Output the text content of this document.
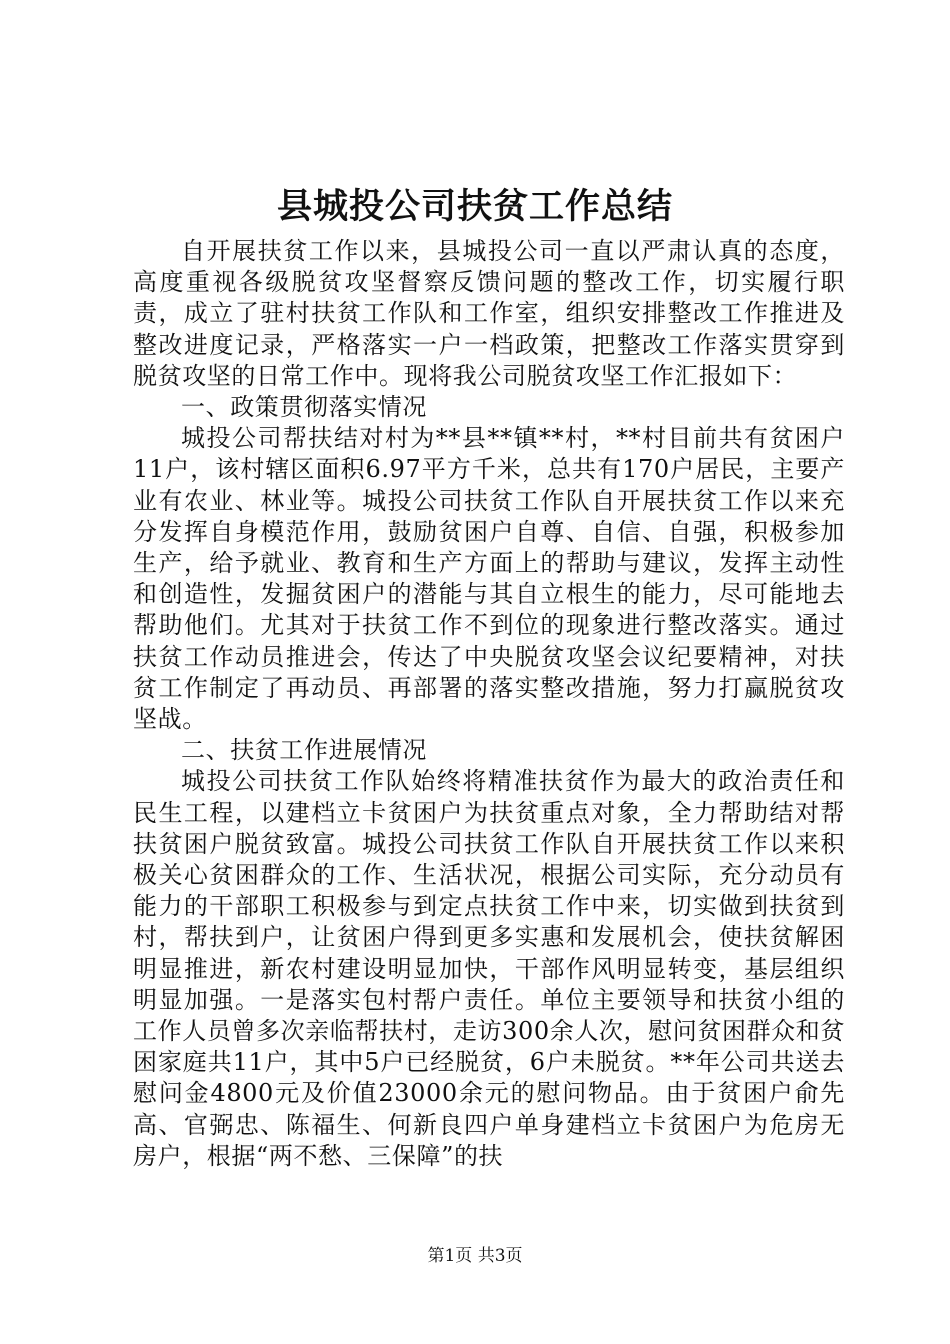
县城投公司扶贫工作总结

自开展扶贫工作以来，县城投公司一直以严肃认真的态度，高度重视各级脱贫攻坚督察反馈问题的整改工作，切实履行职责，成立了驻村扶贫工作队和工作室，组织安排整改工作推进及整改进度记录，严格落实一户一档政策，把整改工作落实贯穿到脱贫攻坚的日常工作中。现将我公司脱贫攻坚工作汇报如下：

一、政策贯彻落实情况

城投公司帮扶结对村为**县**镇**村，**村目前共有贫困户11户，该村辖区面积6.97平方千米，总共有170户居民，主要产业有农业、林业等。城投公司扶贫工作队自开展扶贫工作以来充分发挥自身模范作用，鼓励贫困户自尊、自信、自强，积极参加生产，给予就业、教育和生产方面上的帮助与建议，发挥主动性和创造性，发掘贫困户的潜能与其自立根生的能力，尽可能地去帮助他们。尤其对于扶贫工作不到位的现象进行整改落实。通过扶贫工作动员推进会，传达了中央脱贫攻坚会议纪要精神，对扶贫工作制定了再动员、再部署的落实整改措施，努力打赢脱贫攻坚战。

二、扶贫工作进展情况

城投公司扶贫工作队始终将精准扶贫作为最大的政治责任和民生工程，以建档立卡贫困户为扶贫重点对象，全力帮助结对帮扶贫困户脱贫致富。城投公司扶贫工作队自开展扶贫工作以来积极关心贫困群众的工作、生活状况，根据公司实际，充分动员有能力的干部职工积极参与到定点扶贫工作中来，切实做到扶贫到村，帮扶到户，让贫困户得到更多实惠和发展机会，使扶贫解困明显推进，新农村建设明显加快，干部作风明显转变，基层组织明显加强。一是落实包村帮户责任。单位主要领导和扶贫小组的工作人员曾多次亲临帮扶村，走访300余人次，慰问贫困群众和贫困家庭共11户，其中5户已经脱贫，6户未脱贫。**年公司共送去慰问金4800元及价值23000余元的慰问物品。由于贫困户俞先高、官弼忠、陈福生、何新良四户单身建档立卡贫困户为危房无房户，根据“两不愁、三保障”的扶

第1页 共3页
